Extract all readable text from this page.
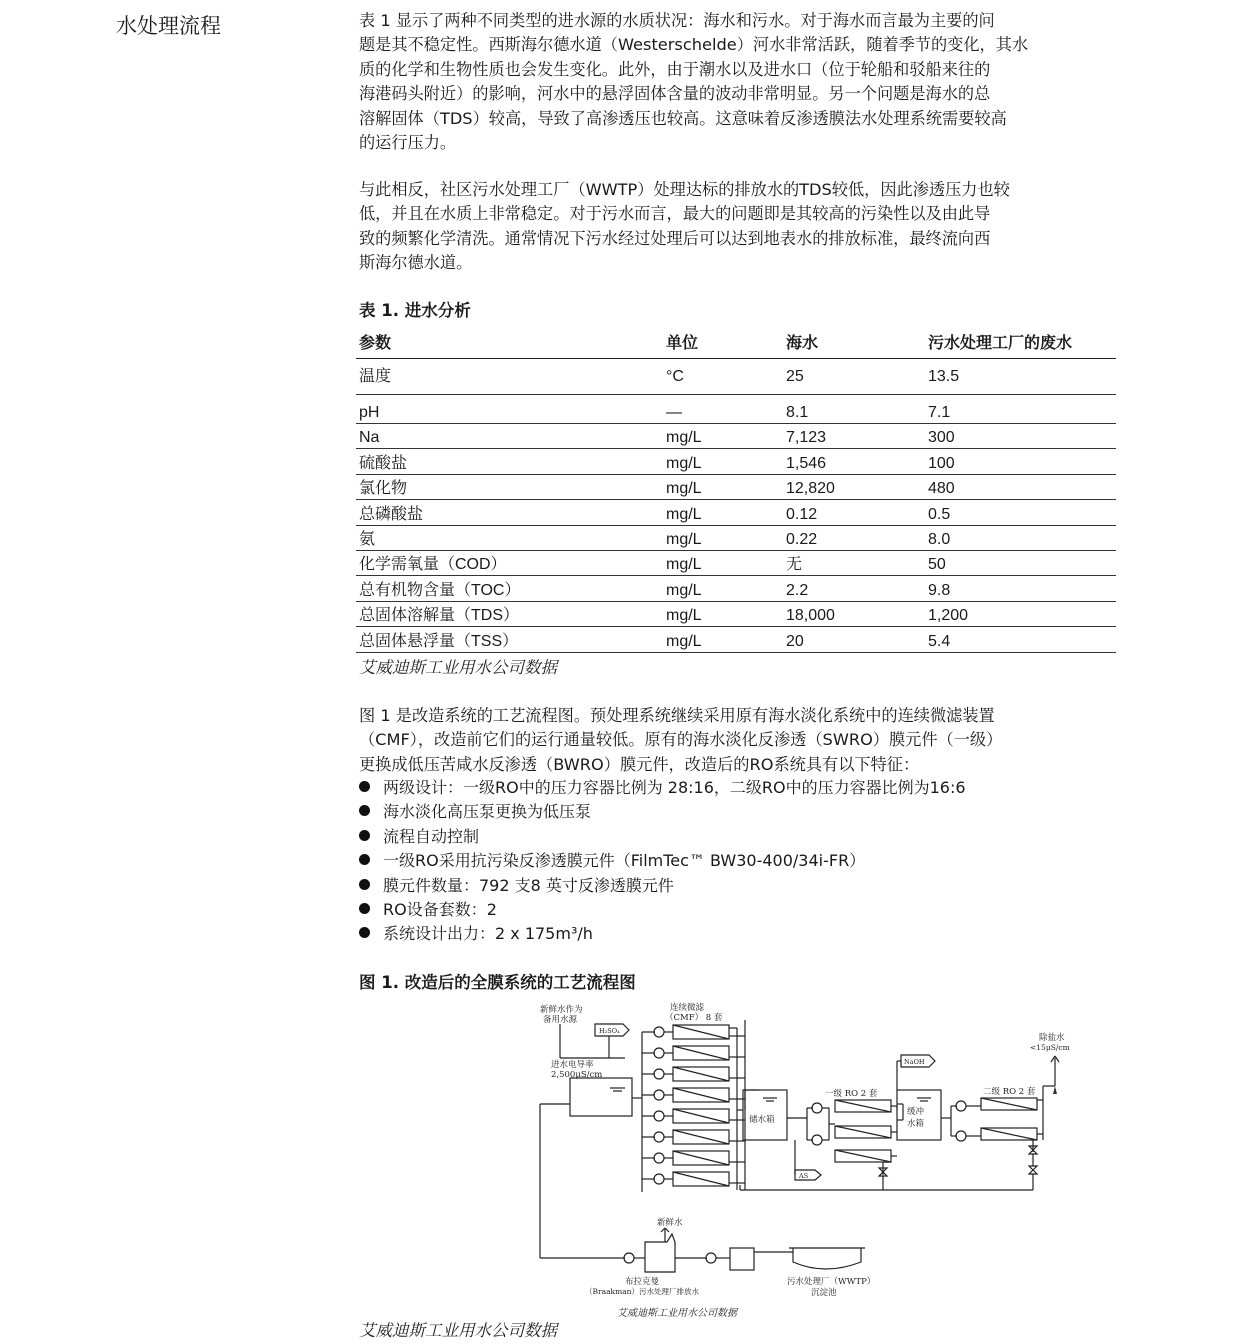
水处理流程	表 1 显示了两种不同类型的进水源的水质状况：海水和污水。对于海水而言最为主要的问
题是其不稳定性。西斯海尔德水道（Westerschelde）河水非常活跃，随着季节的变化，其水
质的化学和生物性质也会发生变化。此外，由于潮水以及进水口（位于轮船和驳船来往的
海港码头附近）的影响，河水中的悬浮固体含量的波动非常明显。另一个问题是海水的总
溶解固体（TDS）较高，导致了高渗透压也较高。这意味着反渗透膜法水处理系统需要较高
的运行压力。
与此相反，社区污水处理工厂（WWTP）处理达标的排放水的TDS较低，因此渗透压力也较
低，并且在水质上非常稳定。对于污水而言，最大的问题即是其较高的污染性以及由此导
致的频繁化学清洗。通常情况下污水经过处理后可以达到地表水的排放标准，最终流向西
斯海尔德水道。
表 1. 进水分析
参数	单位	海水	污水处理工厂的废水
温度	°C	25	13.5
pH	—	8.1	7.1
Na	mg/L	7,123	300
硫酸盐	mg/L	1,546	100
氯化物	mg/L	12,820	480
总磷酸盐	mg/L	0.12	0.5
氨	mg/L	0.22	8.0
化学需氧量（COD）	mg/L	无	50
总有机物含量（TOC）	mg/L	2.2	9.8
总固体溶解量（TDS）	mg/L	18,000	1,200
总固体悬浮量（TSS）	mg/L	20	5.4
艾威迪斯工业用水公司数据
图 1 是改造系统的工艺流程图。预处理系统继续采用原有海水淡化系统中的连续微滤装置
（CMF），改造前它们的运行通量较低。原有的海水淡化反渗透（SWRO）膜元件（一级）
更换成低压苦咸水反渗透（BWRO）膜元件，改造后的RO系统具有以下特征：
两级设计：一级RO中的压力容器比例为 28:16，二级RO中的压力容器比例为16:6
海水淡化高压泵更换为低压泵
流程自动控制
一级RO采用抗污染反渗透膜元件（FilmTec™ BW30-400/34i-FR）
膜元件数量：792 支8 英寸反渗透膜元件
RO设备套数：2
系统设计出力：2 x 175m³/h
图 1. 改造后的全膜系统的工艺流程图
新鲜水作为
备用水源
H₂SO₄
连续微滤
（CMF） 8 套
进水电导率
2,500μS/cm
储水箱
一级 RO 2 套
NaOH
缓冲
水箱
二级 RO 2 套
除盐水
<15μS/cm
AS
新鲜水
布拉克曼
（Braakman）污水处理厂排放水
污水处理厂（WWTP）
沉淀池
艾威迪斯工业用水公司数据
艾威迪斯工业用水公司数据
